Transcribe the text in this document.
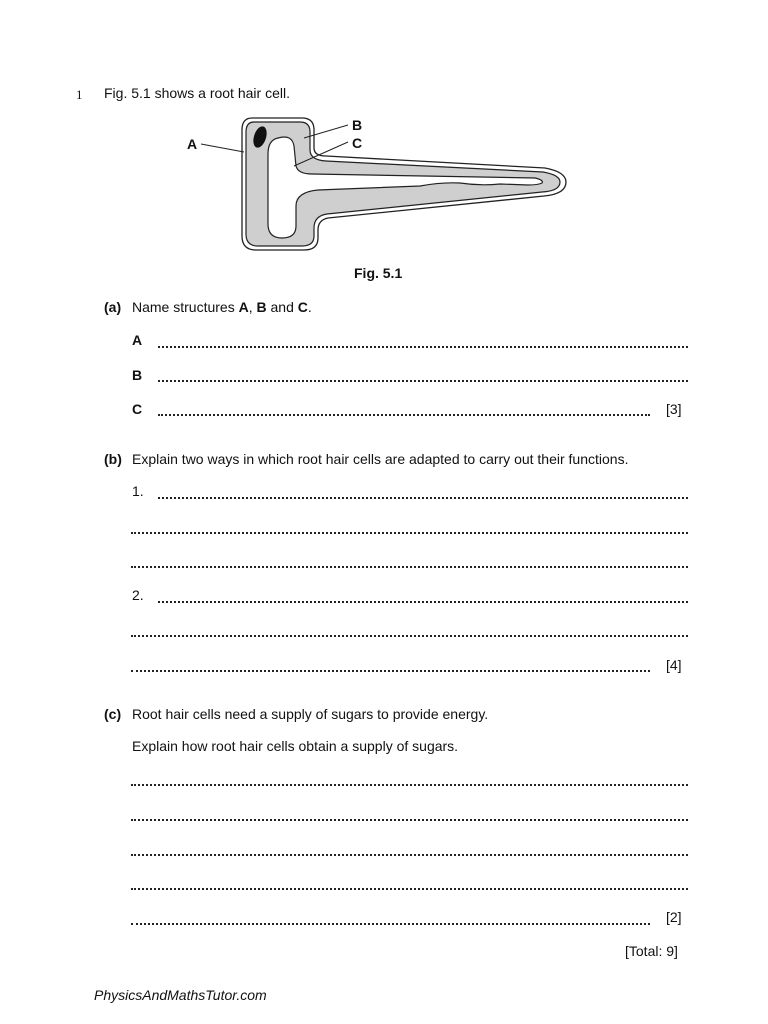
1 Fig. 5.1 shows a root hair cell.
A
B
C
Fig. 5.1
(a) Name structures A, B and C.
A
B
C	[3]
(b) Explain two ways in which root hair cells are adapted to carry out their functions.
1.
2.
[4]
(c) Root hair cells need a supply of sugars to provide energy.
Explain how root hair cells obtain a supply of sugars.
[2]
[Total: 9]
PhysicsAndMathsTutor.com
